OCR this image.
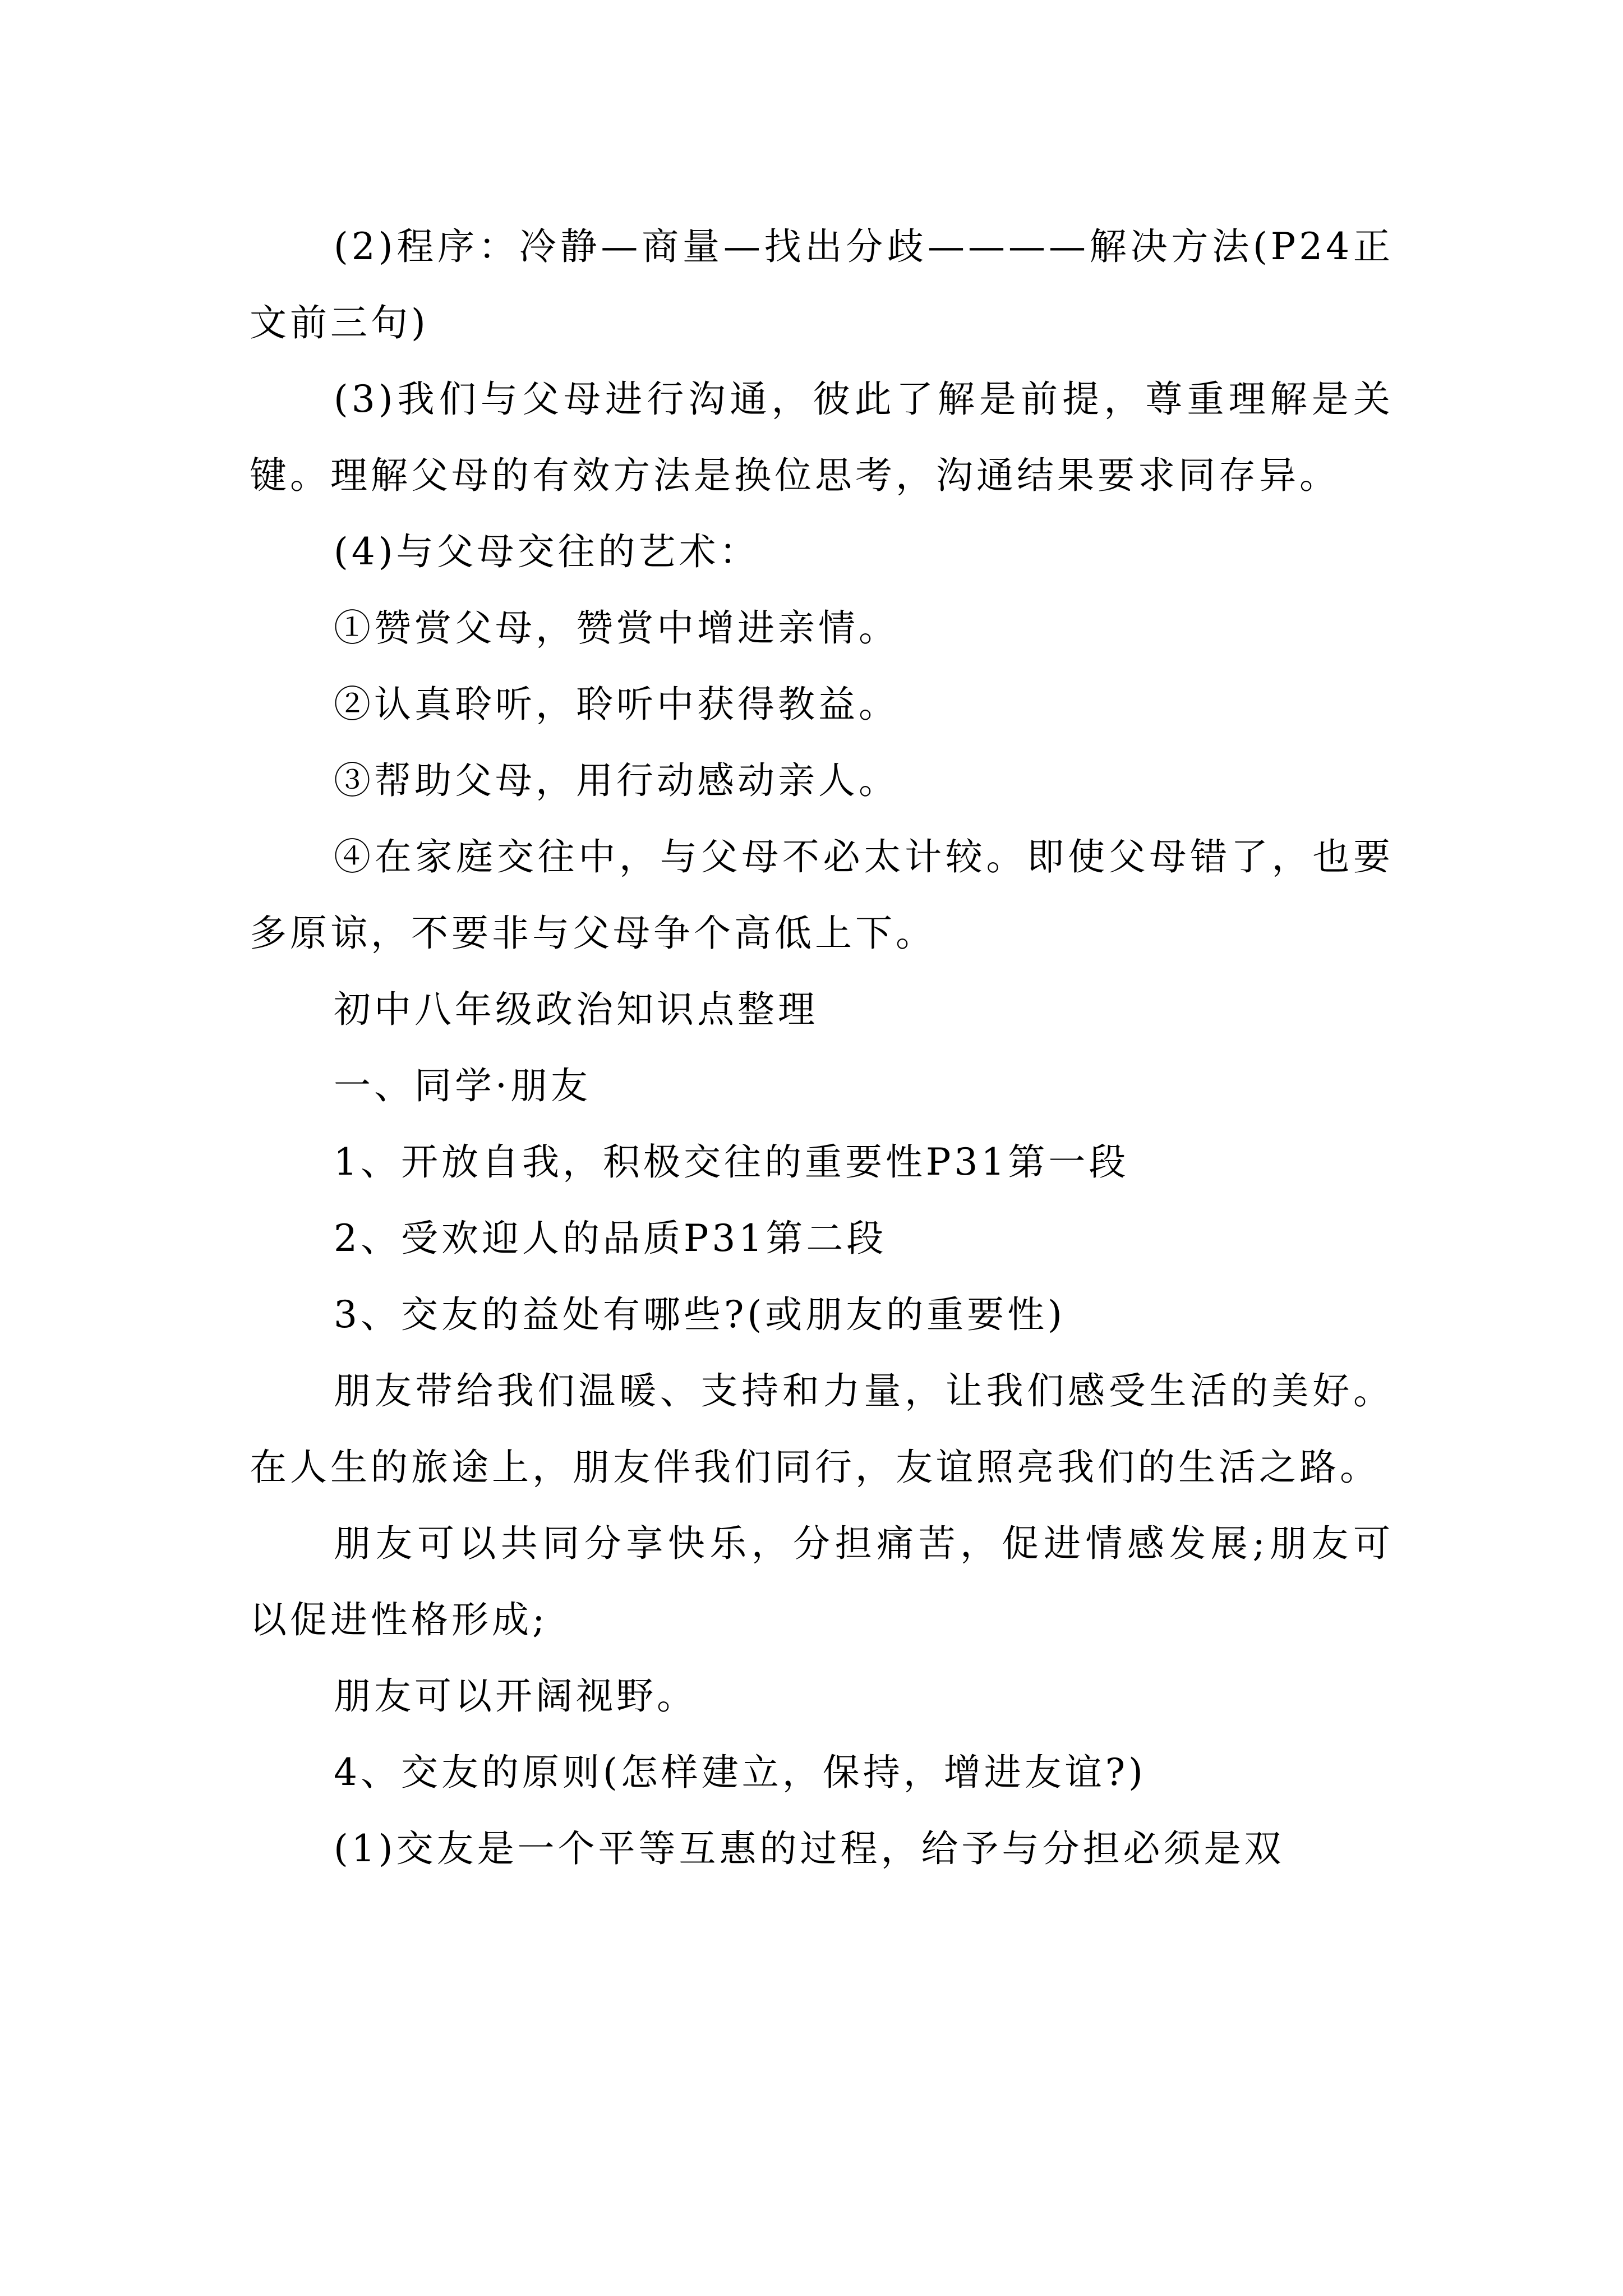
(2)程序：冷静—商量—找出分歧————解决方法(P24正文前三句)

(3)我们与父母进行沟通，彼此了解是前提，尊重理解是关键。理解父母的有效方法是换位思考，沟通结果要求同存异。

(4)与父母交往的艺术：

①赞赏父母，赞赏中增进亲情。

②认真聆听，聆听中获得教益。

③帮助父母，用行动感动亲人。

④在家庭交往中，与父母不必太计较。即使父母错了，也要多原谅，不要非与父母争个高低上下。

初中八年级政治知识点整理

一、同学·朋友

1、开放自我，积极交往的重要性P31第一段

2、受欢迎人的品质P31第二段

3、交友的益处有哪些?(或朋友的重要性)

朋友带给我们温暖、支持和力量，让我们感受生活的美好。在人生的旅途上，朋友伴我们同行，友谊照亮我们的生活之路。

朋友可以共同分享快乐，分担痛苦，促进情感发展;朋友可以促进性格形成;

朋友可以开阔视野。

4、交友的原则(怎样建立，保持，增进友谊?)

(1)交友是一个平等互惠的过程，给予与分担必须是双
